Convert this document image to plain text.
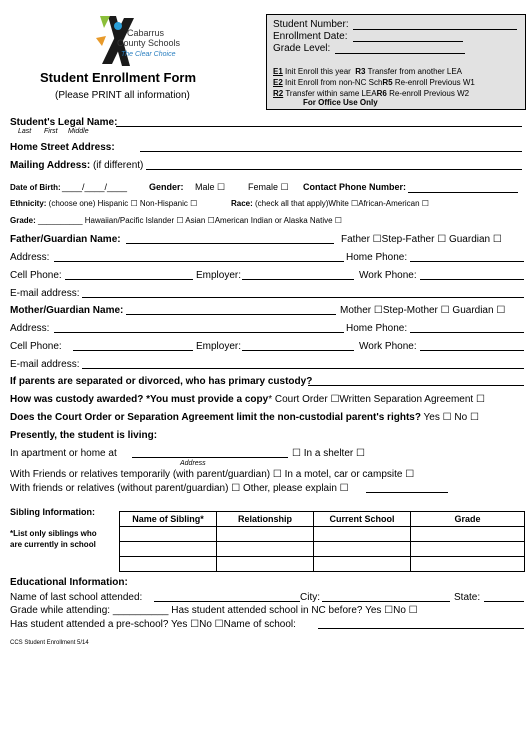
Cabarrus
County Schools
The Clear Choice
Student Enrollment Form
(Please PRINT all information)
Student Number:
Enrollment Date:
Grade Level:
E1 Init Enroll this year R3 Transfer from another LEA
E2 Init Enroll from non-NC SchR5 Re-enroll Previous W1
R2 Transfer within same LEAR6 Re-enroll Previous W2
For Office Use Only
Student's Legal Name:
Last First Middle
Home Street Address:
Mailing Address: (if different)
Date of Birth: ____/____/____ Gender: Male ☐	Female ☐ Contact Phone Number:
Ethnicity: (choose one) Hispanic ☐ Non-Hispanic ☐	Race: (check all that apply)White ☐African-American ☐
Grade: __________ Hawaiian/Pacific Islander ☐ Asian ☐American Indian or Alaska Native ☐
Father/Guardian Name:	Father ☐Step-Father ☐ Guardian ☐
Address:	Home Phone:
Cell Phone:	Employer:	Work Phone:
E-mail address:
Mother/Guardian Name:	Mother ☐Step-Mother ☐ Guardian ☐
Address:	Home Phone:
Cell Phone:	Employer:	Work Phone:
E-mail address:
If parents are separated or divorced, who has primary custody?
How was custody awarded? *You must provide a copy* Court Order ☐Written Separation Agreement ☐
Does the Court Order or Separation Agreement limit the non-custodial parent's rights? Yes ☐ No ☐
Presently, the student is living:
In apartment or home at	☐ In a shelter ☐
Address
With Friends or relatives temporarily (with parent/guardian) ☐ In a motel, car or campsite ☐
With friends or relatives (without parent/guardian) ☐ Other, please explain ☐
Sibling Information:
*List only siblings who
are currently in school
Name of Sibling*	Relationship	Current School	Grade

Educational Information:
Name of last school attended:	City:	State:
Grade while attending: __________ Has student attended school in NC before? Yes ☐No ☐
Has student attended a pre-school? Yes ☐No ☐Name of school:
CCS Student Enrollment 5/14
